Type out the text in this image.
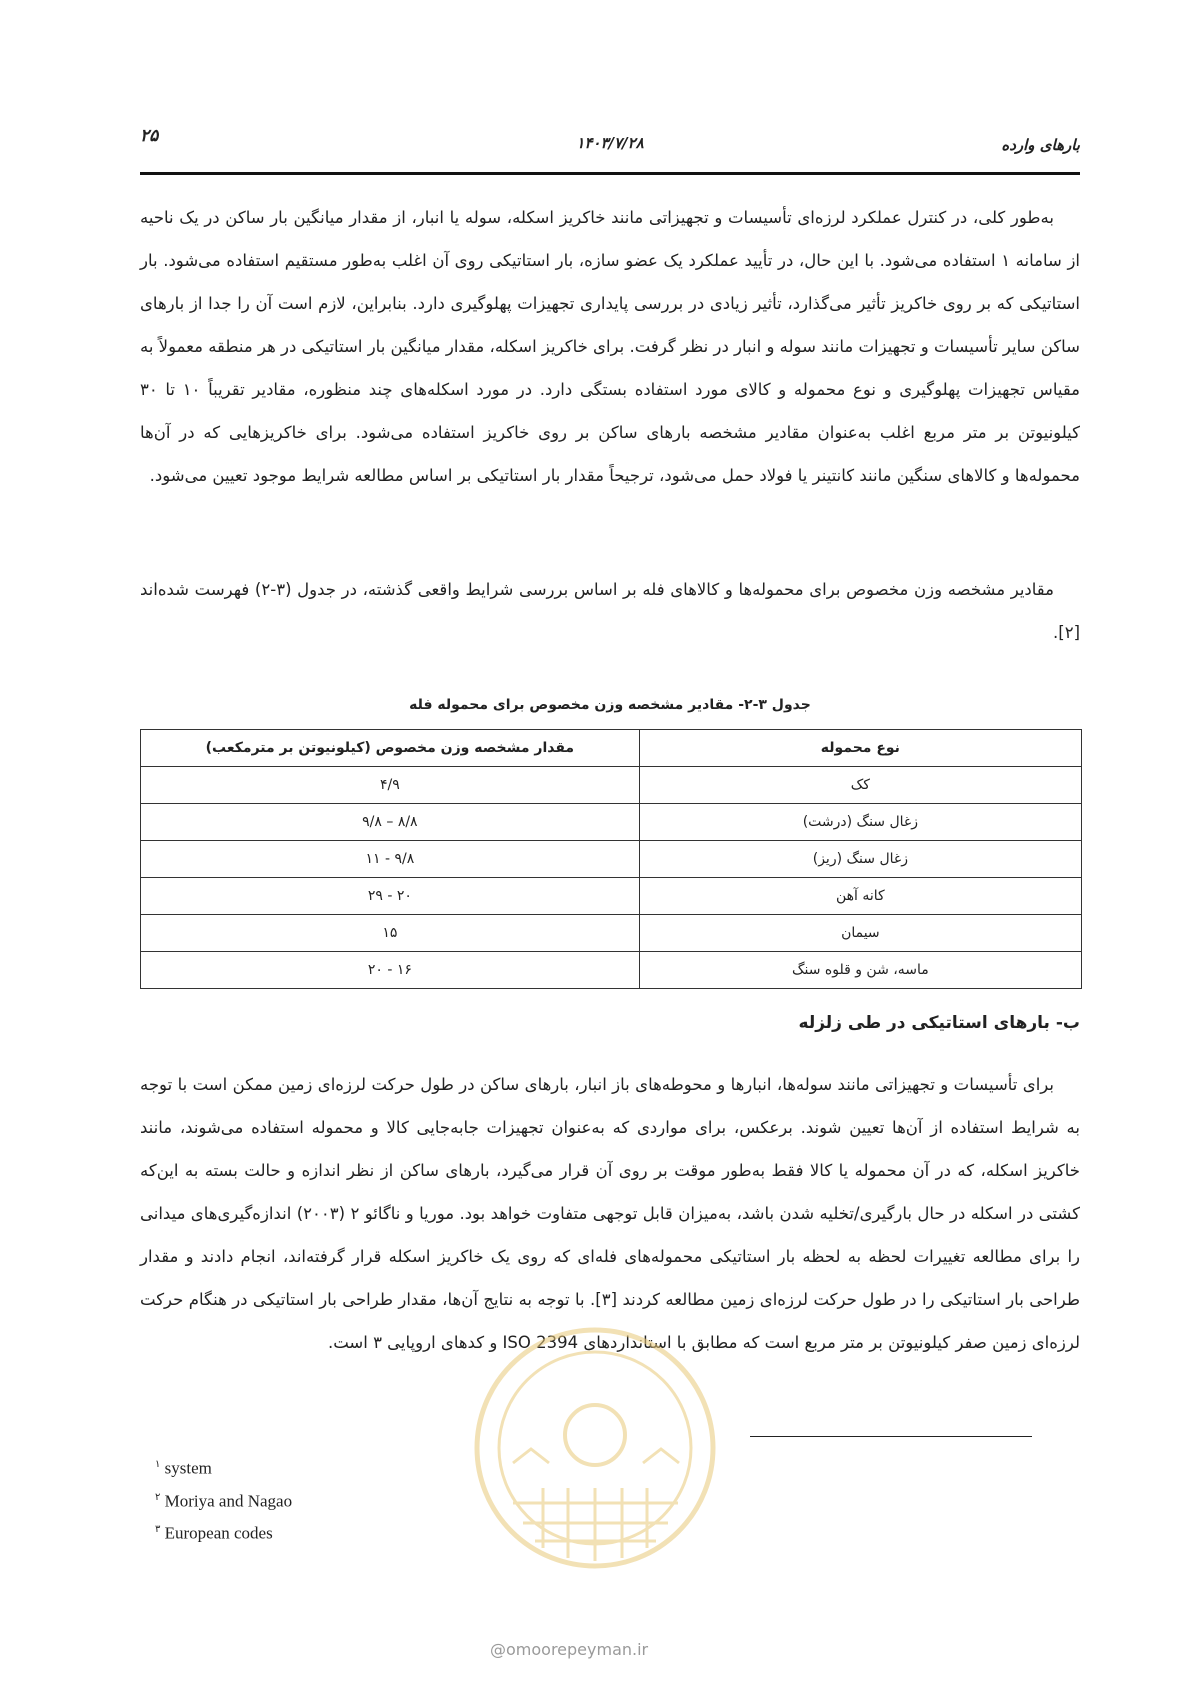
بارهای وارده
۱۴۰۳/۷/۲۸
۲۵

به‌طور کلی، در کنترل عملکرد لرزه‌ای تأسیسات و تجهیزاتی مانند خاکریز اسکله، سوله یا انبار، از مقدار میانگین بار ساکن در یک ناحیه از سامانه ۱ استفاده می‌شود. با این حال، در تأیید عملکرد یک عضو سازه، بار استاتیکی روی آن اغلب به‌طور مستقیم استفاده می‌شود. بار استاتیکی که بر روی خاکریز تأثیر می‌گذارد، تأثیر زیادی در بررسی پایداری تجهیزات پهلوگیری دارد. بنابراین، لازم است آن را جدا از بارهای ساکن سایر تأسیسات و تجهیزات مانند سوله و انبار در نظر گرفت. برای خاکریز اسکله، مقدار میانگین بار استاتیکی در هر منطقه معمولاً به مقیاس تجهیزات پهلوگیری و نوع محموله و کالای مورد استفاده بستگی دارد. در مورد اسکله‌های چند منظوره، مقادیر تقریباً ۱۰ تا ۳۰ کیلونیوتن بر متر مربع اغلب به‌عنوان مقادیر مشخصه بارهای ساکن بر روی خاکریز استفاده می‌شود. برای خاکریزهایی که در آن‌ها محموله‌ها و کالاهای سنگین مانند کانتینر یا فولاد حمل می‌شود، ترجیحاً مقدار بار استاتیکی بر اساس مطالعه شرایط موجود تعیین می‌شود.

مقادیر مشخصه وزن مخصوص برای محموله‌ها و کالاهای فله بر اساس بررسی شرایط واقعی گذشته، در جدول (۳-۲) فهرست شده‌اند [۲].

جدول ۳-۲- مقادیر مشخصه وزن مخصوص برای محموله فله
نوع محموله	مقدار مشخصه وزن مخصوص (کیلونیوتن بر مترمکعب)
کک	۴/۹
زغال سنگ (درشت)	۸/۸ – ۹/۸
زغال سنگ (ریز)	۹/۸ - ۱۱
کانه آهن	۲۰ - ۲۹
سیمان	۱۵
ماسه، شن و قلوه سنگ	۱۶ - ۲۰
ب- بارهای استاتیکی در طی زلزله

برای تأسیسات و تجهیزاتی مانند سوله‌ها، انبارها و محوطه‌های باز انبار، بارهای ساکن در طول حرکت لرزه‌ای زمین ممکن است با توجه به شرایط استفاده از آن‌ها تعیین شوند. برعکس، برای مواردی که به‌عنوان تجهیزات جابه‌جایی کالا و محموله استفاده می‌شوند، مانند خاکریز اسکله، که در آن محموله یا کالا فقط به‌طور موقت بر روی آن قرار می‌گیرد، بارهای ساکن از نظر اندازه و حالت بسته به این‌که کشتی در اسکله در حال بارگیری/تخلیه شدن باشد، به‌میزان قابل توجهی متفاوت خواهد بود. موریا و ناگائو ۲ (۲۰۰۳) اندازه‌گیری‌های میدانی را برای مطالعه تغییرات لحظه به لحظه بار استاتیکی محموله‌های فله‌ای که روی یک خاکریز اسکله قرار گرفته‌اند، انجام دادند و مقدار طراحی بار استاتیکی را در طول حرکت لرزه‌ای زمین مطالعه کردند [۳]. با توجه به نتایج آن‌ها، مقدار طراحی بار استاتیکی در هنگام حرکت لرزه‌ای زمین صفر کیلونیوتن بر متر مربع است که مطابق با استانداردهای ISO 2394 و کدهای اروپایی ۳ است.

@omoorepeyman.ir
$^۱$ system
$^۲$ Moriya and Nagao
$^۳$ European codes
